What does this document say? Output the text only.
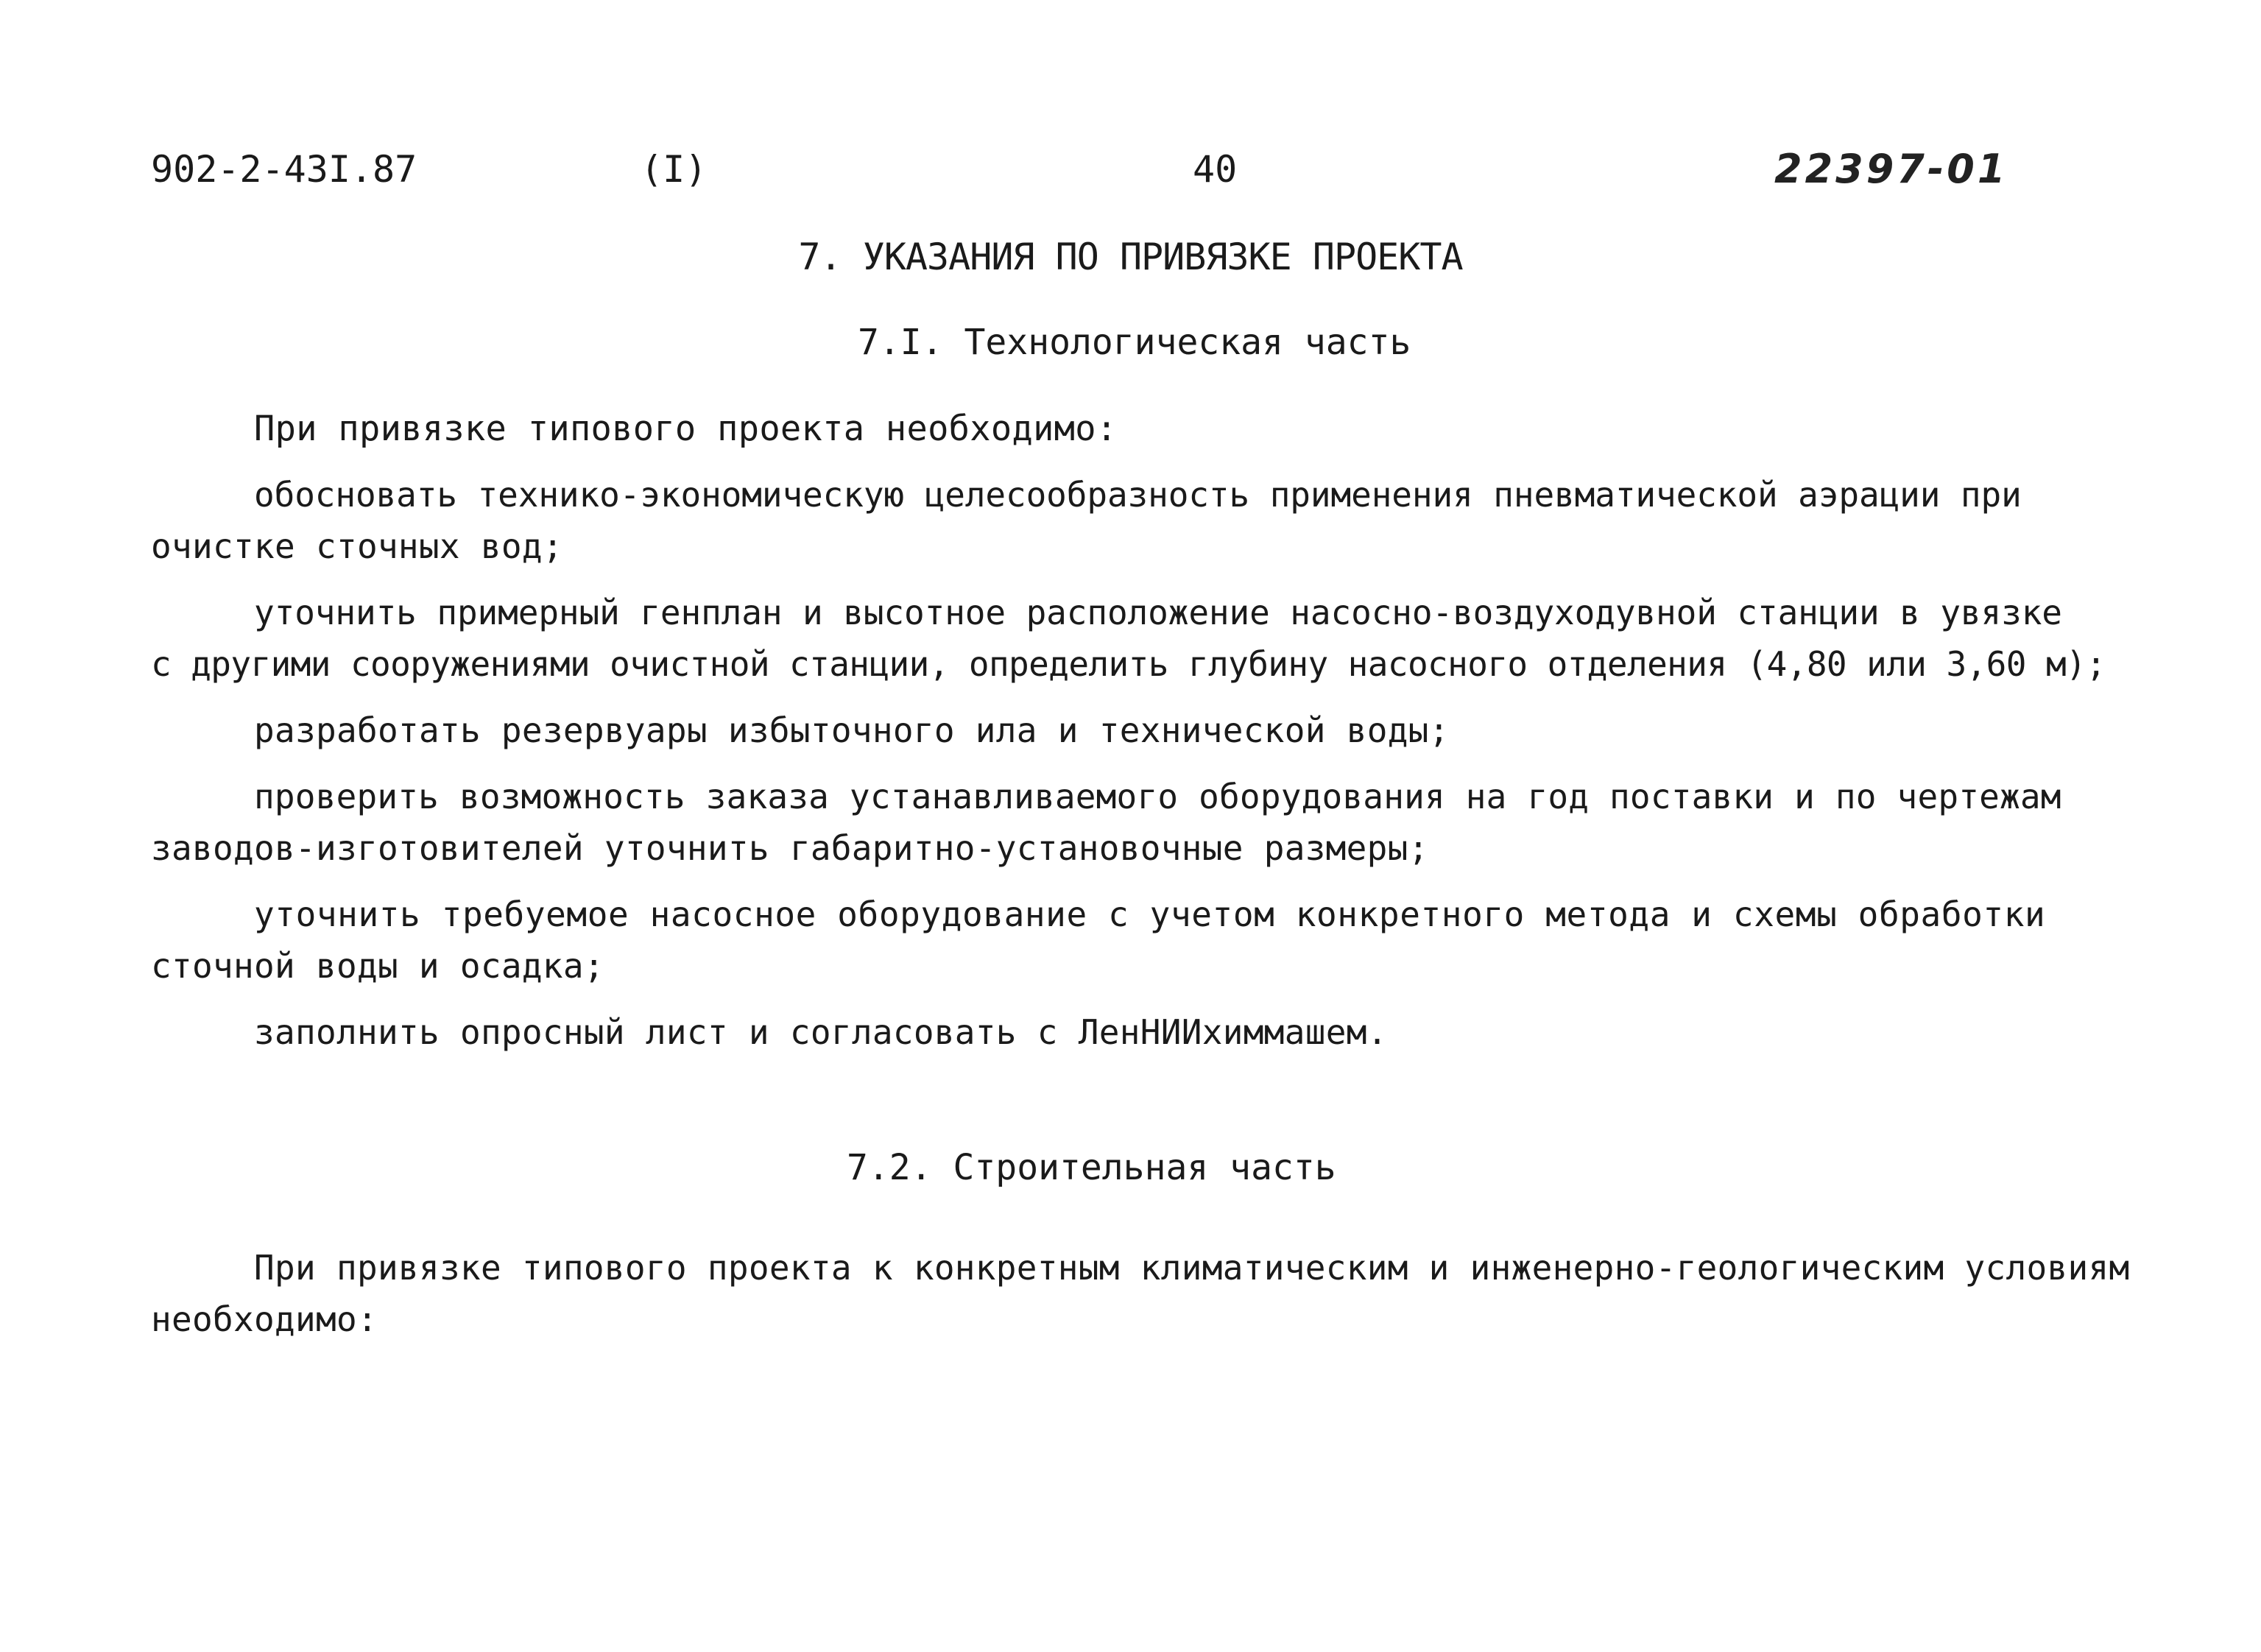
902-2-43I.87	(I)	40	22397-01
7. УКАЗАНИЯ ПО ПРИВЯЗКЕ ПРОЕКТА
7.I. Технологическая часть
При привязке типового проекта необходимо:
обосновать технико-экономическую целесообразность применения пневматической аэрации при
очистке сточных вод;
уточнить примерный генплан и высотное расположение насосно-воздуходувной станции в увязке
с другими сооружениями очистной станции, определить глубину насосного отделения (4,80 или 3,60 м);
разработать резервуары избыточного ила и технической воды;
проверить возможность заказа устанавливаемого оборудования на год поставки и по чертежам
заводов-изготовителей уточнить габаритно-установочные размеры;
уточнить требуемое насосное оборудование с учетом конкретного метода и схемы обработки
сточной воды и осадка;
заполнить опросный лист и согласовать с ЛенНИИхиммашем.
7.2. Строительная часть
При привязке типового проекта к конкретным климатическим и инженерно-геологическим условиям
необходимо:
